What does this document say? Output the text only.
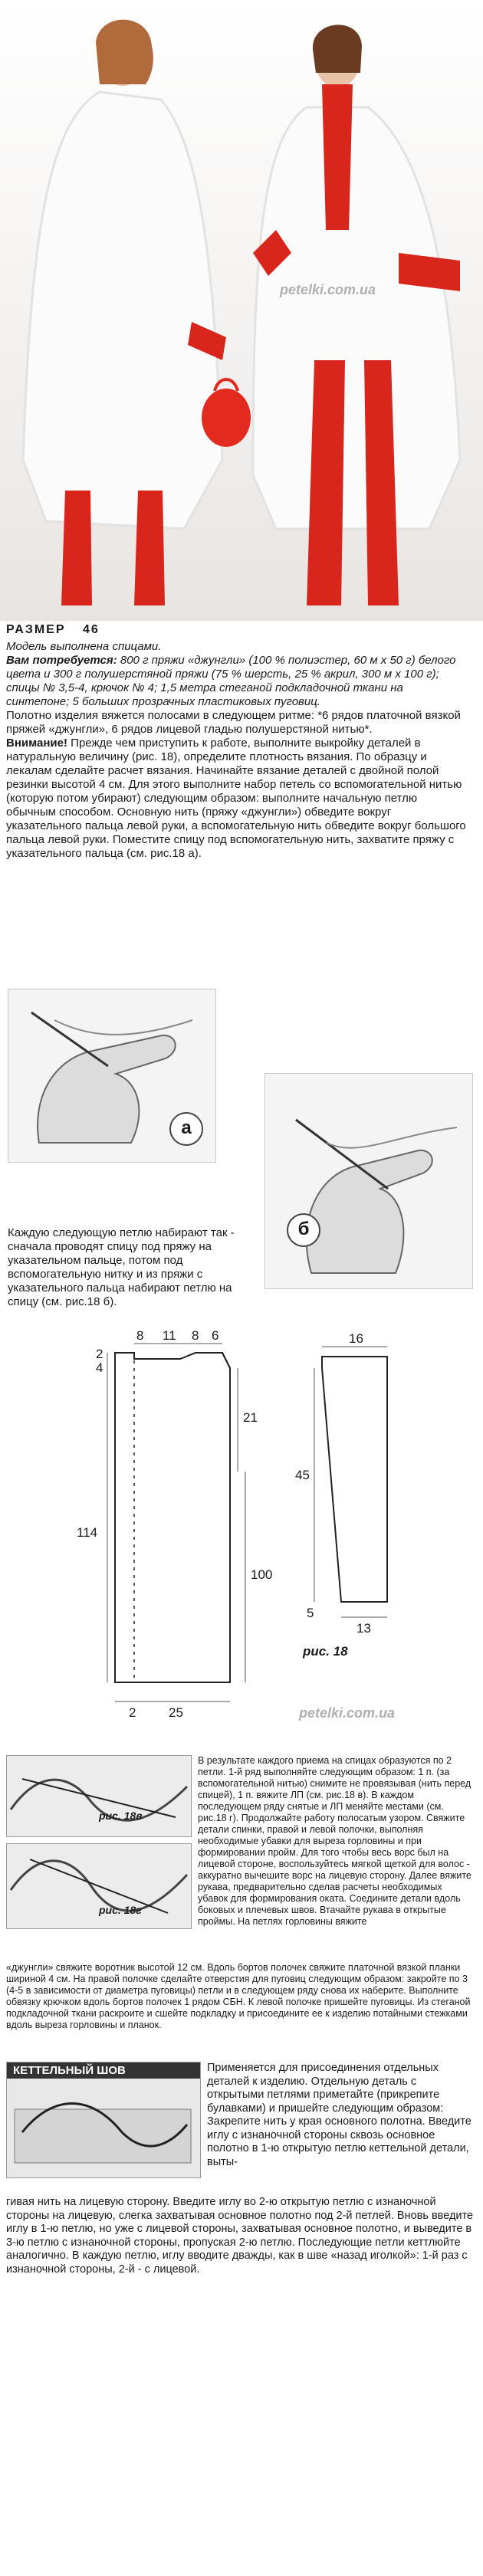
petelki.com.ua
РАЗМЕР 46

Модель выполнена спицами.

Вам потребуется: 800 г пряжи «джунгли» (100 % полиэстер, 60 м х 50 г) белого цвета и 300 г полушерстяной пряжи (75 % шерсть, 25 % акрил, 300 м х 100 г); спицы № 3,5-4, крючок № 4; 1,5 метра стеганой подкладочной ткани на синтепоне; 5 больших прозрачных пластиковых пуговиц.

Полотно изделия вяжется полосами в следующем ритме: *6 рядов платочной вязкой пряжей «джунгли», 6 рядов лицевой гладью полушерстяной нитью*.

Внимание! Прежде чем приступить к работе, выполните выкройку деталей в натуральную величину (рис. 18), определите плотность вязания. По образцу и лекалам сделайте расчет вязания. Начинайте вязание деталей с двойной полой резинки высотой 4 см. Для этого выполните набор петель со вспомогательной нитью (которую потом убирают) следующим образом: выполните начальную петлю обычным способом. Основную нить (пряжу «джунгли») обведите вокруг указательного пальца левой руки, а вспомогательную нить обведите вокруг большого пальца левой руки. Поместите спицу под вспомогательную нить, захватите пряжу с указательного пальца (см. рис.18 а).

а
б
Каждую следующую петлю набирают так - сначала проводят спицу под пряжу на указательном пальце, потом под вспомогательную нитку и из пряжи с указательного пальца набирают петлю на спицу (см. рис.18 б).
8 11 8 6
2
4
21
114
100
2	25
16
45
5
13
рис. 18
petelki.com.ua
рис. 18в
рис. 18г
В результате каждого приема на спицах образуются по 2 петли. 1-й ряд выполняйте следующим образом: 1 п. (за вспомогательной нитью) снимите не провязывая (нить перед спицей), 1 п. вяжите ЛП (см. рис.18 в). В каждом последующем ряду снятые и ЛП меняйте местами (см. рис.18 г). Продолжайте работу полосатым узором. Свяжите детали спинки, правой и левой полочки, выполняя необходимые убавки для выреза горловины и при формировании пройм. Для того чтобы весь ворс был на лицевой стороне, воспользуйтесь мягкой щеткой для волос - аккуратно вычешите ворс на лицевую сторону. Далее вяжите рукава, предварительно сделав расчеты необходимых убавок для формирования оката. Соедините детали вдоль боковых и плечевых швов. Втачайте рукава в открытые проймы. На петлях горловины вяжите
«джунгли» свяжите воротник высотой 12 см. Вдоль бортов полочек свяжите платочной вязкой планки шириной 4 см. На правой полочке сделайте отверстия для пуговиц следующим образом: закройте по 3 (4-5 в зависимости от диаметра пуговицы) петли и в следующем ряду снова их наберите. Выполните обвязку крючком вдоль бортов полочек 1 рядом СБН. К левой полочке пришейте пуговицы. Из стеганой подкладочной ткани раскроите и сшейте подкладку и присоедините ее к изделию потайными стежками вдоль выреза горловины и планок.
КЕТТЕЛЬНЫЙ ШОВ	Применяется для присоединения отдельных деталей к изделию. Отдельную деталь с открытыми петлями приметайте (прикрепите булавками) и пришейте следующим образом: Закрепите нить у края основного полотна. Введите иглу с изнаночной стороны сквозь основное полотно в 1-ю открытую петлю кеттельной детали, выты-
гивая нить на лицевую сторону. Введите иглу во 2-ю открытую петлю с изнаночной стороны на лицевую, слегка захватывая основное полотно под 2-й петлей. Вновь введите иглу в 1-ю петлю, но уже с лицевой стороны, захватывая основное полотно, и выведите в 3-ю петлю с изнаночной стороны, пропуская 2-ю петлю. Последующие петли кеттлюйте аналогично. В каждую петлю, иглу вводите дважды, как в шве «назад иголкой»: 1-й раз с изнаночной стороны, 2-й - с лицевой.
